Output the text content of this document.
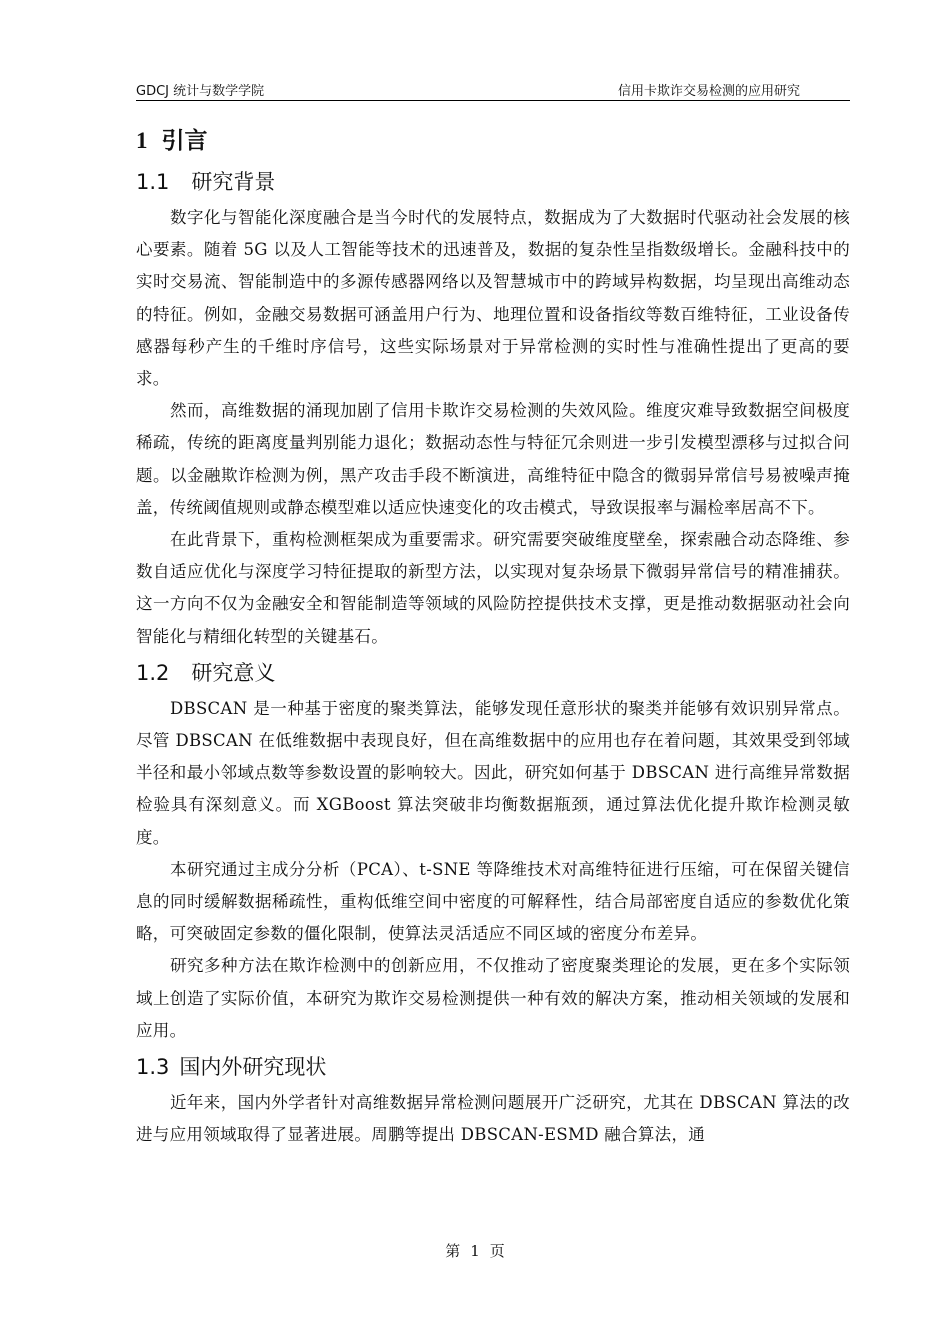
GDCJ 统计与数学学院	信用卡欺诈交易检测的应用研究
1 引言
1.1 研究背景

数字化与智能化深度融合是当今时代的发展特点，数据成为了大数据时代驱动社会发展的核心要素。随着 5G 以及人工智能等技术的迅速普及，数据的复杂性呈指数级增长。金融科技中的实时交易流、智能制造中的多源传感器网络以及智慧城市中的跨域异构数据，均呈现出高维动态的特征。例如，金融交易数据可涵盖用户行为、地理位置和设备指纹等数百维特征，工业设备传感器每秒产生的千维时序信号，这些实际场景对于异常检测的实时性与准确性提出了更高的要求。

然而，高维数据的涌现加剧了信用卡欺诈交易检测的失效风险。维度灾难导致数据空间极度稀疏，传统的距离度量判别能力退化；数据动态性与特征冗余则进一步引发模型漂移与过拟合问题。以金融欺诈检测为例，黑产攻击手段不断演进，高维特征中隐含的微弱异常信号易被噪声掩盖，传统阈值规则或静态模型难以适应快速变化的攻击模式，导致误报率与漏检率居高不下。

在此背景下，重构检测框架成为重要需求。研究需要突破维度壁垒，探索融合动态降维、参数自适应优化与深度学习特征提取的新型方法，以实现对复杂场景下微弱异常信号的精准捕获。这一方向不仅为金融安全和智能制造等领域的风险防控提供技术支撑，更是推动数据驱动社会向智能化与精细化转型的关键基石。

1.2 研究意义

DBSCAN 是一种基于密度的聚类算法，能够发现任意形状的聚类并能够有效识别异常点。尽管 DBSCAN 在低维数据中表现良好，但在高维数据中的应用也存在着问题，其效果受到邻域半径和最小邻域点数等参数设置的影响较大。因此，研究如何基于 DBSCAN 进行高维异常数据检验具有深刻意义。而 XGBoost 算法突破非均衡数据瓶颈，通过算法优化提升欺诈检测灵敏度。

本研究通过主成分分析（PCA）、t-SNE 等降维技术对高维特征进行压缩，可在保留关键信息的同时缓解数据稀疏性，重构低维空间中密度的可解释性，结合局部密度自适应的参数优化策略，可突破固定参数的僵化限制，使算法灵活适应不同区域的密度分布差异。

研究多种方法在欺诈检测中的创新应用，不仅推动了密度聚类理论的发展，更在多个实际领域上创造了实际价值，本研究为欺诈交易检测提供一种有效的解决方案，推动相关领域的发展和应用。

1.3 国内外研究现状

近年来，国内外学者针对高维数据异常检测问题展开广泛研究，尤其在 DBSCAN 算法的改进与应用领域取得了显著进展。周鹏等提出 DBSCAN-ESMD 融合算法，通

第 1 页
